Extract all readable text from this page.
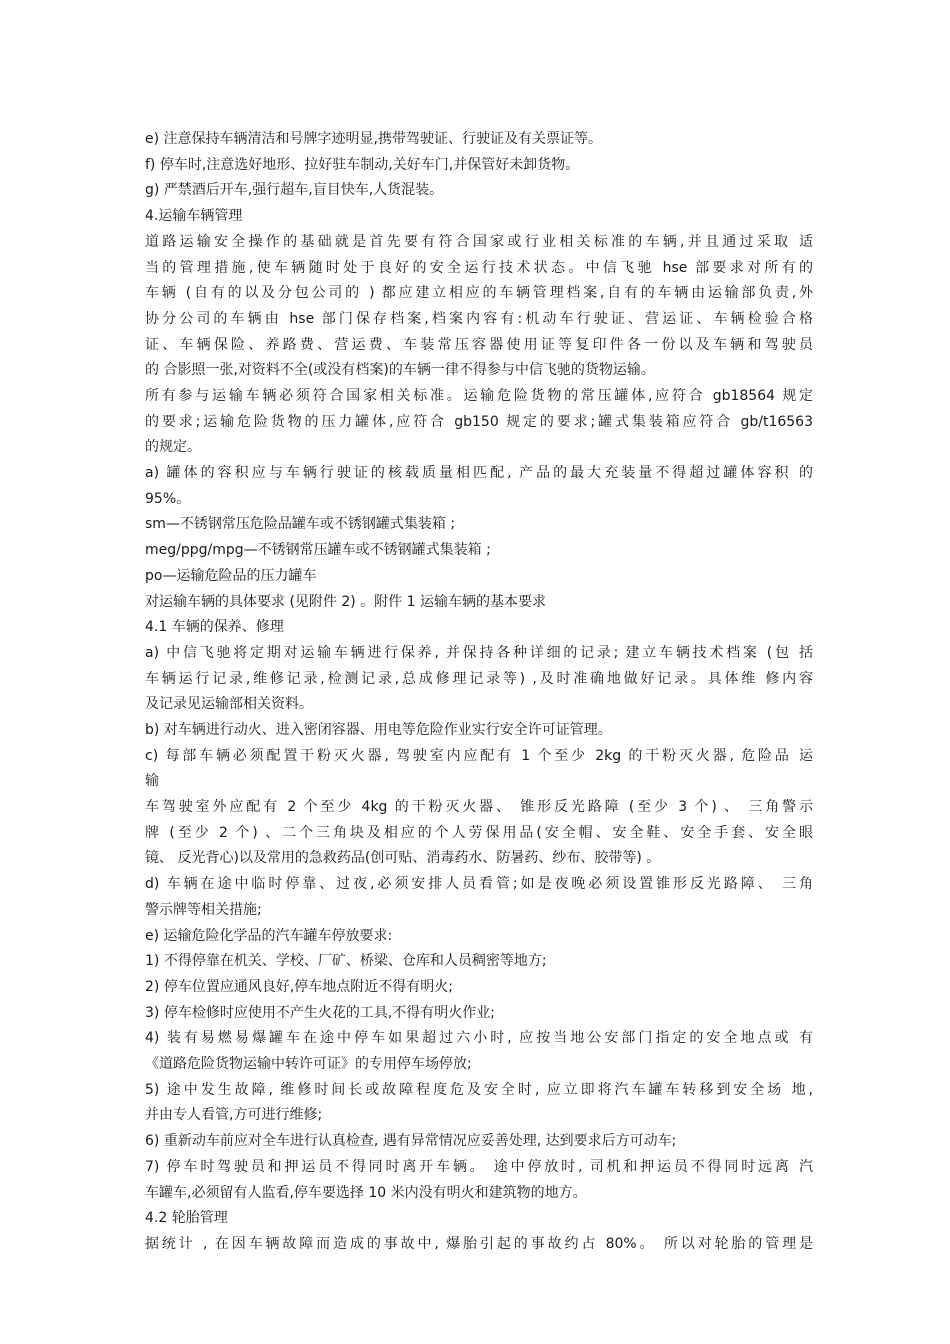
e) 注意保持车辆清洁和号牌字迹明显,携带驾驶证、行驶证及有关票证等。
f) 停车时,注意选好地形、拉好驻车制动,关好车门,并保管好未卸货物。
g) 严禁酒后开车,强行超车,盲目快车,人货混装。
4.运输车辆管理
道路运输安全操作的基础就是首先要有符合国家或行业相关标准的车辆,并且通过采取 适
当的管理措施,使车辆随时处于良好的安全运行技术状态。中信飞驰 hse 部要求对所有的
车辆 (自有的以及分包公司的 ) 都应建立相应的车辆管理档案,自有的车辆由运输部负责,外
协分公司的车辆由 hse 部门保存档案,档案内容有:机动车行驶证、营运证、车辆检验合格
证、车辆保险、养路费、营运费、车装常压容器使用证等复印件各一份以及车辆和驾驶员
的 合影照一张,对资料不全(或没有档案)的车辆一律不得参与中信飞驰的货物运输。
所有参与运输车辆必须符合国家相关标准。运输危险货物的常压罐体,应符合 gb18564 规定
的要求;运输危险货物的压力罐体,应符合 gb150 规定的要求;罐式集装箱应符合 gb/t16563
的规定。
a) 罐体的容积应与车辆行驶证的核载质量相匹配, 产品的最大充装量不得超过罐体容积 的
95%。
sm—不锈钢常压危险品罐车或不锈钢罐式集装箱 ;
meg/ppg/mpg—不锈钢常压罐车或不锈钢罐式集装箱 ;
po—运输危险品的压力罐车
对运输车辆的具体要求 (见附件 2) 。附件 1 运输车辆的基本要求
4.1 车辆的保养、修理
a) 中信飞驰将定期对运输车辆进行保养, 并保持各种详细的记录; 建立车辆技术档案 (包 括
车辆运行记录,维修记录,检测记录,总成修理记录等) ,及时准确地做好记录。具体维 修内容
及记录见运输部相关资料。
b) 对车辆进行动火、进入密闭容器、用电等危险作业实行安全许可证管理。
c) 每部车辆必须配置干粉灭火器, 驾驶室内应配有 1 个至少 2kg 的干粉灭火器, 危险品 运
输
车驾驶室外应配有 2 个至少 4kg 的干粉灭火器、 锥形反光路障 (至少 3 个) 、 三角警示
牌 (至少 2 个) 、二个三角块及相应的个人劳保用品(安全帽、安全鞋、安全手套、安全眼
镜、 反光背心)以及常用的急救药品(创可贴、消毒药水、防暑药、纱布、胶带等) 。
d) 车辆在途中临时停靠、过夜,必须安排人员看管;如是夜晚必须设置锥形反光路障、 三角
警示牌等相关措施;
e) 运输危险化学品的汽车罐车停放要求:
1) 不得停靠在机关、学校、厂矿、桥梁、仓库和人员稠密等地方;
2) 停车位置应通风良好,停车地点附近不得有明火;
3) 停车检修时应使用不产生火花的工具,不得有明火作业;
4) 装有易燃易爆罐车在途中停车如果超过六小时, 应按当地公安部门指定的安全地点或 有
《道路危险货物运输中转许可证》的专用停车场停放;
5) 途中发生故障, 维修时间长或故障程度危及安全时, 应立即将汽车罐车转移到安全场 地,
并由专人看管,方可进行维修;
6) 重新动车前应对全车进行认真检查, 遇有异常情况应妥善处理, 达到要求后方可动车;
7) 停车时驾驶员和押运员不得同时离开车辆。 途中停放时, 司机和押运员不得同时远离 汽
车罐车,必须留有人监看,停车要选择 10 米内没有明火和建筑物的地方。
4.2 轮胎管理
据统计 , 在因车辆故障而造成的事故中, 爆胎引起的事故约占 80%。 所以对轮胎的管理是
